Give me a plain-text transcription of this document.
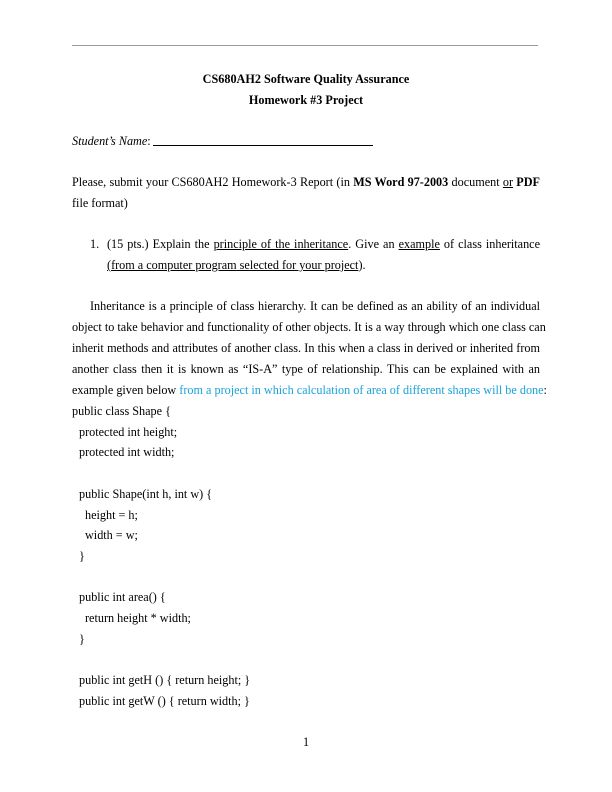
CS680AH2 Software Quality Assurance
Homework #3 Project
Student’s Name:
Please, submit your CS680AH2 Homework-3 Report (in MS Word 97-2003 document or PDF
file format)
1. (15 pts.) Explain the principle of the inheritance. Give an example of class inheritance
(from a computer program selected for your project).
Inheritance is a principle of class hierarchy. It can be defined as an ability of an individual
object to take behavior and functionality of other objects. It is a way through which one class can
inherit methods and attributes of another class. In this when a class in derived or inherited from
another class then it is known as “IS-A” type of relationship. This can be explained with an
example given below from a project in which calculation of area of different shapes will be done:
public class Shape {
protected int height;
protected int width;
public Shape(int h, int w) {
height = h;
width = w;
}
public int area() {
return height * width;
}
public int getH () { return height; }
public int getW () { return width; }
1
